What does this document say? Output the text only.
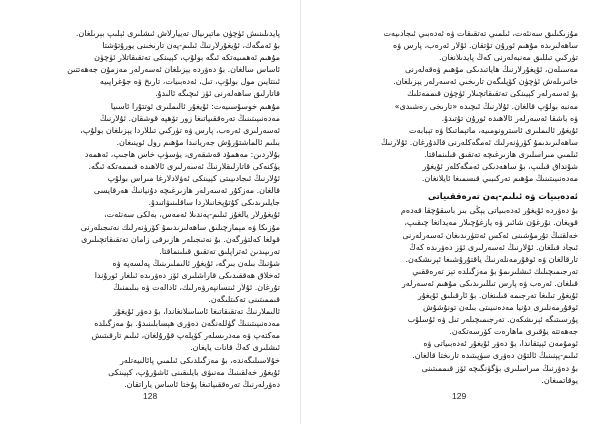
پايدىلىنىش ئۈچۈن ماتېرىيال تەييارلاش ئىشلىرى ئېلىپ بېرىلغان.
بۇ ئەمگەك، ئۇيغۇرلارنىڭ ئىلىم-پەن تارىخىنى يورۇتۇشتا
مۇھىم ئەھمىيەتكە ئىگە بولۇپ، كېيىنكى تەتقىقاتلار ئۈچۈن
ئاساس سالغان. بۇ دەۋردە يېزىلغان ئەسەرلەر مەزمۇن جەھەتتىن
ئىنتايىن مول بولۇپ، تىل، ئەدەبىيات، تارىخ ۋە جۇغراپىيە
قاتارلىق ساھەلەرنى ئۆز ئىچىگە ئالىدۇ.
مۇھىم خوسۇسىيەت: ئۇيغۇر ئالىملىرى ئوتتۇرا ئاسىيا
مەدەنىيىتىنىڭ تەرەققىياتىغا زور تۆھپە قوشقان. ئۇلارنىڭ
ئەسەرلىرى ئەرەب، پارس ۋە تۈركىي تىللاردا يېزىلغان بولۇپ،
بىلىم ئالماشتۇرۇش جەريانىدا مۇھىم رول ئوينىغان.
بۇلاردىن: مەھمۇد قەشقەرى، يۈسۈپ خاس ھاجىپ، ئەھمەد
يۈكنەكى قاتارلىقلارنىڭ ئەسەرلىرى ئالاھىدە قىممەتكە ئىگە.
ئۇلارنىڭ ئىجادىيىتى كېيىنكى ئەۋلادلارغا مىراس بولۇپ
قالغان. مەزكۇر ئەسەرلەر ھازىرغىچە دۇنيانىڭ ھەرقايسى
جايلىرىدىكى كۇتۇپخانىلاردا ساقلىنىۋاتىدۇ.
ئۇيغۇرلار يالغۇز ئىلىم-پەندىلا ئەمەس، بەلكى سەنئەت،
مۇزىكا ۋە مېمارچىلىق ساھەلىرىدىمۇ كۆرۈنەرلىك نەتىجىلەرنى
قولغا كەلتۈرگەن. بۇ نەتىجىلەر ھازىرقى زامان تەتقىقاتچىلىرى
تەرىپىدىن ئەتراپلىق تەتقىق قىلىنماقتا.
شۇنىڭ بىلەن بىرگە، ئۇيغۇر ئالىملىرىنىڭ پەلسەپە ۋە
ئەخلاق ھەققىدىكى قاراشلىرى ئۆز دەۋرىدە ئىلغار ئورۇندا
تۇرغان. ئۇلار ئىنسانپەرۋەرلىك، ئادالەت ۋە بىلىمنىڭ
قىممىتىنى تەكىتلىگەن.
ئالىملارنىڭ تەتقىقاتىغا ئاساسلانغاندا، بۇ دەۋر ئۇيغۇر
مەدەنىيىتىنىڭ گۈللەنگەن دەۋرى ھېسابلىنىدۇ. بۇ مەزگىلدە
مەكتەپ ۋە مەدرىسلەر كۆپلەپ قۇرۇلغان، ئىلىم تارقىتىش
ئىشلىرى كەڭ قانات يايغان.
خۇلاسىلىگەندە، بۇ مەزگىلدىكى ئىلمىي پائالىيەتلەر
ئۇيغۇر خەلقىنىڭ مەنىۋى بايلىقىنى ئاشۇرۇپ، كېيىنكى
دەۋرلەرنىڭ تەرەققىياتىغا پۇختا ئاساس ياراتقان.
مۇزىكىلىق سەنئەت، ئىلمىي تەتقىقات ۋە ئەدەبىي ئىجادىيەت
ساھەلىرىدە مۇھىم ئورۇن تۇتقان. ئۇلار ئەرەب، پارس ۋە
تۈركىي تىللىق مەنبەلەرنى كەڭ پايدىلانغان.
مەسىلەن، ئۇيغۇرلارنىڭ ھاياتىدىكى مۇھىم ۋەقەلەرنى
خاتىرىلەش ئۈچۈن كۆپلىگەن تارىخىي ئەسەرلەر يېزىلغان.
بۇ ئەسەرلەر كېيىنكى تەتقىقاتچىلار ئۈچۈن قىممەتلىك
مەنبە بولۇپ قالغان. ئۇلارنىڭ ئىچىدە «تارىخى رەشىدى»
ۋە باشقا ئەسەرلەر ئالاھىدە ئورۇن تۇتىدۇ.
ئۇيغۇر ئالىملىرى ئاسترونومىيە، ماتېماتىكا ۋە تېبابەت
ساھەلىرىدىمۇ كۆرۈنەرلىك ئەمگەكلەرنى قالدۇرغان. ئۇلارنىڭ
ئىلمىي مىراسلىرى ھازىرغىچە تەتقىق قىلىنماقتا.
شۇنداق قىلىپ، بۇ ساھەدىكى ئەمگەكلەر ئۇيغۇر
مەدەنىيىتىنىڭ مۇھىم تەركىبىي قىسمىغا ئايلانغان.
ئەدەبىيات ۋە ئىلىم-پەن تەرەققىياتى
بۇ دەۋردە ئۇيغۇر ئەدەبىياتى يېڭى بىر باسقۇچقا قەدەم
قويغان. نۇرغۇن شائىر ۋە يازغۇچىلار مەيدانغا چىقىپ،
خەلقنىڭ تۇرمۇشىنى ئەكس ئەتتۈرىدىغان ئەسەرلەرنى
ئىجاد قىلغان. ئۇلارنىڭ ئەسەرلىرى ئۆز دەۋرىدە كەڭ
تارقالغان ۋە ئوقۇرمەنلەرنىڭ ياقتۇرۇشىغا ئېرىشكەن.
تەرجىمىچىلىك ئىشلىرىمۇ بۇ مەزگىلدە تېز تەرەققىي
قىلغان. ئەرەب ۋە پارس تىللىرىدىكى مۇھىم ئەسەرلەر
ئۇيغۇر تىلىغا تەرجىمە قىلىنغان. بۇ ئارقىلىق ئۇيغۇر
ئوقۇرمەنلىرى دۇنيا مەدەنىيىتى بىلەن تونۇشۇش
پۇرسىتىگە ئېرىشكەن. تەرجىمىچىلەر تىل ۋە ئۇسلۇب
جەھەتتە يۇقىرى ماھارەت كۆرسەتكەن.
ئومۇمەن ئېيتقاندا، بۇ دەۋر ئۇيغۇر ئەدەبىياتى ۋە
ئىلىم-پېنىنىڭ ئالتۇن دەۋرى سۈپىتىدە تارىختا قالغان.
بۇ دەۋرنىڭ مىراسلىرى بۈگۈنگىچە ئۆز قىممىتىنى
يوقاتمىغان.
128	129
